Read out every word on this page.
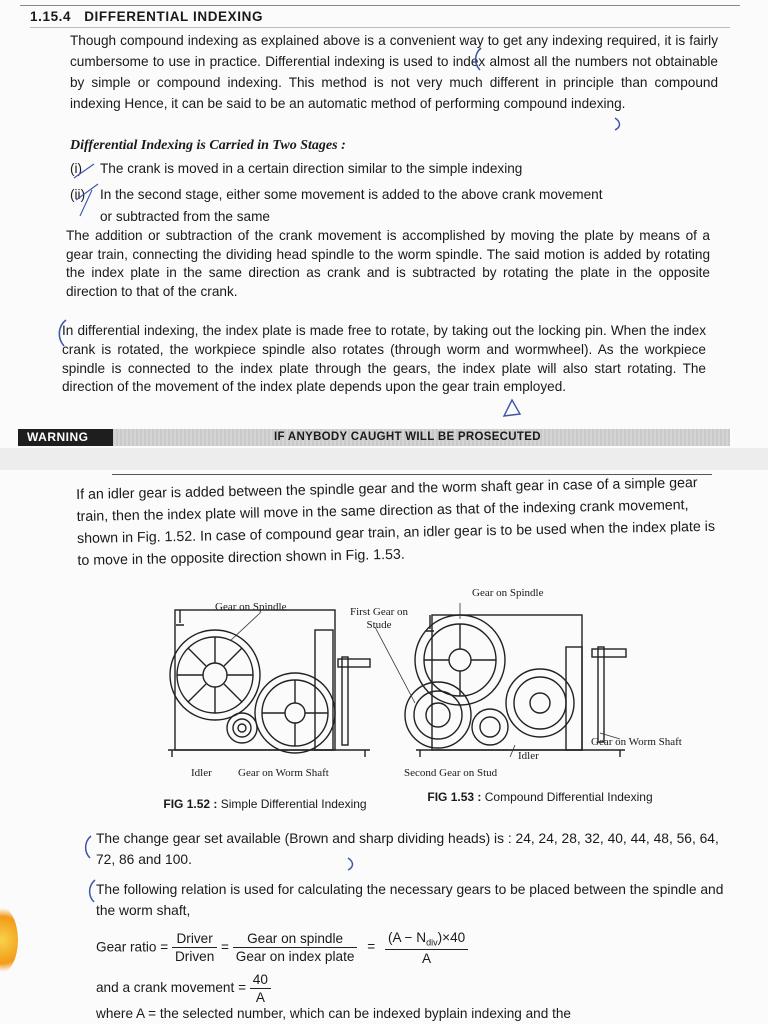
1.15.4 DIFFERENTIAL INDEXING

Though compound indexing as explained above is a convenient way to get any indexing required, it is fairly cumbersome to use in practice. Differential indexing is used to index almost all the numbers not obtainable by simple or compound indexing. This method is not very much different in principle than compound indexing Hence, it can be said to be an automatic method of performing compound indexing.

Differential Indexing is Carried in Two Stages :
(i) The crank is moved in a certain direction similar to the simple indexing
(ii) In the second stage, either some movement is added to the above crank movement
or subtracted from the same

The addition or subtraction of the crank movement is accomplished by moving the plate by means of a gear train, connecting the dividing head spindle to the worm spindle. The said motion is added by rotating the index plate in the same direction as crank and is subtracted by rotating the plate in the opposite direction to that of the crank.

In differential indexing, the index plate is made free to rotate, by taking out the locking pin. When the index crank is rotated, the workpiece spindle also rotates (through worm and wormwheel). As the workpiece spindle is connected to the index plate through the gears, the index plate will also start rotating. The direction of the movement of the index plate depends upon the gear train employed.

WARNING	IF ANYBODY CAUGHT WILL BE PROSECUTED

If an idler gear is added between the spindle gear and the worm shaft gear in case of a simple gear train, then the index plate will move in the same direction as that of the indexing crank movement, shown in Fig. 1.52. In case of compound gear train, an idler gear is to be used when the index plate is to move in the opposite direction shown in Fig. 1.53.

Gear on Spindle
Idler Gear on Worm Shaft
Gear on Spindle
First Gear on Stude
Gear on Worm Shaft
Idler
Second Gear on Stud
FIG 1.52 : Simple Differential Indexing	FIG 1.53 : Compound Differential Indexing

The change gear set available (Brown and sharp dividing heads) is : 24, 24, 28, 32, 40, 44, 48, 56, 64, 72, 86 and 100.

The following relation is used for calculating the necessary gears to be placed between the spindle and the worm shaft,

Gear ratio = $\frac{\text{Driver}}{\text{Driven}} = \frac{\text{Gear on spindle}}{\text{Gear on index plate}} = \frac{(A - N_{div})\times 40}{A}$
and a crank movement = $\frac{40}{A}$

where A = the selected number, which can be indexed byplain indexing and the
